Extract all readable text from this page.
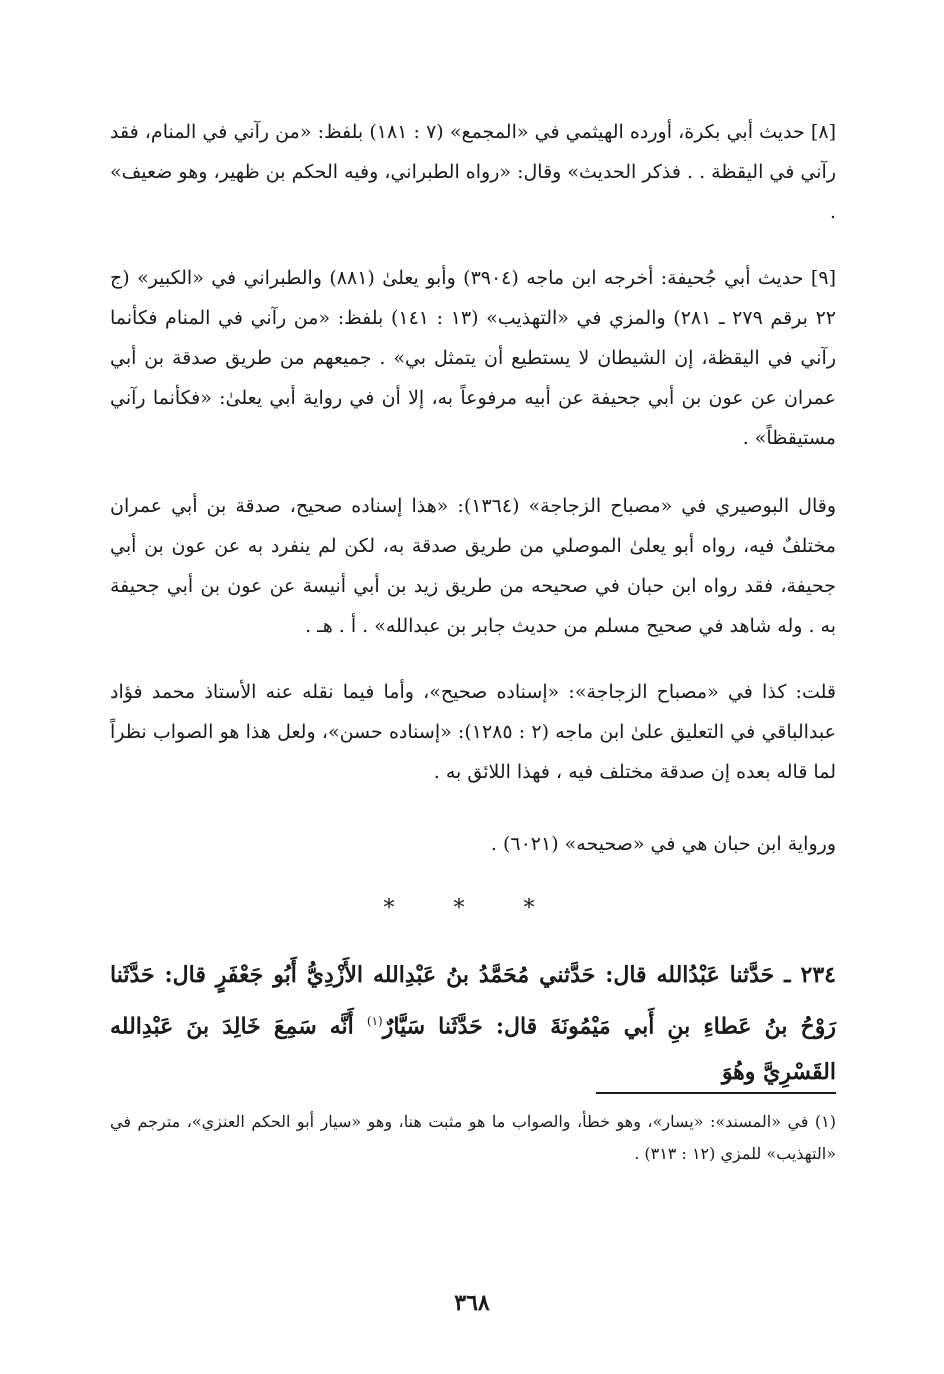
[٨] حديث أبي بكرة، أورده الهيثمي في «المجمع» (٧ : ١٨١) بلفظ: «من رآني في المنام، فقد رآني في اليقظة . . فذكر الحديث» وقال: «رواه الطبراني، وفيه الحكم بن ظهير، وهو ضعيف» .

[٩] حديث أبي جُحيفة: أخرجه ابن ماجه (٣٩٠٤) وأبو يعلىٰ (٨٨١) والطبراني في «الكبير» (ج ٢٢ برقم ٢٧٩ ـ ٢٨١) والمزي في «التهذيب» (١٣ : ١٤١) بلفظ: «من رآني في المنام فكأنما رآني في اليقظة، إن الشيطان لا يستطيع أن يتمثل بي» . جميعهم من طريق صدقة بن أبي عمران عن عون بن أبي جحيفة عن أبيه مرفوعاً به، إلا أن في رواية أبي يعلىٰ: «فكأنما رآني مستيقظاً» .

وقال البوصيري في «مصباح الزجاجة» (١٣٦٤): «هذا إسناده صحيح، صدقة بن أبي عمران مختلفٌ فيه، رواه أبو يعلىٰ الموصلي من طريق صدقة به، لكن لم ينفرد به عن عون بن أبي جحيفة، فقد رواه ابن حبان في صحيحه من طريق زيد بن أبي أنيسة عن عون بن أبي جحيفة به . وله شاهد في صحيح مسلم من حديث جابر بن عبدالله» . أ . هـ .

قلت: كذا في «مصباح الزجاجة»: «إسناده صحيح»، وأما فيما نقله عنه الأستاذ محمد فؤاد عبدالباقي في التعليق علىٰ ابن ماجه (٢ : ١٢٨٥): «إسناده حسن»، ولعل هذا هو الصواب نظراً لما قاله بعده إن صدقة مختلف فيه ، فهذا اللائق به .

ورواية ابن حبان هي في «صحيحه» (٦٠٢١) .

* * *

٢٣٤ ـ حَدَّثنا عَبْدُالله قال: حَدَّثني مُحَمَّدُ بنُ عَبْدِالله الأَزْدِيُّ أَبُو جَعْفَرٍ قال: حَدَّثَنا رَوْحُ بنُ عَطاءِ بنِ أَبي مَيْمُونَةَ قال: حَدَّثَنا سَيَّارٌ$^{(١)}$ أَنَّه سَمِعَ خَالِدَ بنَ عَبْدِالله القَسْرِيَّ وهُوَ

(١) في «المسند»: «يسار»، وهو خطأ، والصواب ما هو مثبت هنا، وهو «سيار أبو الحكم العنزي»، مترجم في «التهذيب» للمزي (١٢ : ٣١٣) .

٣٦٨
